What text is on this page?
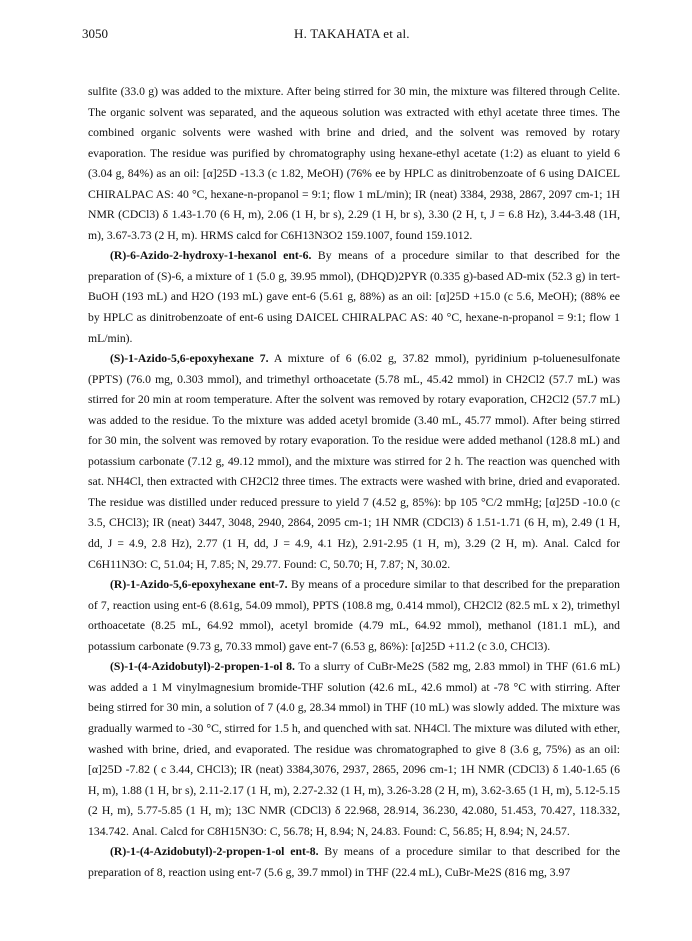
3050	H. TAKAHATA et al.

sulfite (33.0 g) was added to the mixture. After being stirred for 30 min, the mixture was filtered through Celite. The organic solvent was separated, and the aqueous solution was extracted with ethyl acetate three times. The combined organic solvents were washed with brine and dried, and the solvent was removed by rotary evaporation. The residue was purified by chromatography using hexane-ethyl acetate (1:2) as eluant to yield 6 (3.04 g, 84%) as an oil: [α]25D -13.3 (c 1.82, MeOH) (76% ee by HPLC as dinitrobenzoate of 6 using DAICEL CHIRALPAC AS: 40 °C, hexane-n-propanol = 9:1; flow 1 mL/min); IR (neat) 3384, 2938, 2867, 2097 cm-1; 1H NMR (CDCl3) δ 1.43-1.70 (6 H, m), 2.06 (1 H, br s), 2.29 (1 H, br s), 3.30 (2 H, t, J = 6.8 Hz), 3.44-3.48 (1H, m), 3.67-3.73 (2 H, m). HRMS calcd for C6H13N3O2 159.1007, found 159.1012.

(R)-6-Azido-2-hydroxy-1-hexanol ent-6. By means of a procedure similar to that described for the preparation of (S)-6, a mixture of 1 (5.0 g, 39.95 mmol), (DHQD)2PYR (0.335 g)-based AD-mix (52.3 g) in tert-BuOH (193 mL) and H2O (193 mL) gave ent-6 (5.61 g, 88%) as an oil: [α]25D +15.0 (c 5.6, MeOH); (88% ee by HPLC as dinitrobenzoate of ent-6 using DAICEL CHIRALPAC AS: 40 °C, hexane-n-propanol = 9:1; flow 1 mL/min).

(S)-1-Azido-5,6-epoxyhexane 7. A mixture of 6 (6.02 g, 37.82 mmol), pyridinium p-toluenesulfonate (PPTS) (76.0 mg, 0.303 mmol), and trimethyl orthoacetate (5.78 mL, 45.42 mmol) in CH2Cl2 (57.7 mL) was stirred for 20 min at room temperature. After the solvent was removed by rotary evaporation, CH2Cl2 (57.7 mL) was added to the residue. To the mixture was added acetyl bromide (3.40 mL, 45.77 mmol). After being stirred for 30 min, the solvent was removed by rotary evaporation. To the residue were added methanol (128.8 mL) and potassium carbonate (7.12 g, 49.12 mmol), and the mixture was stirred for 2 h. The reaction was quenched with sat. NH4Cl, then extracted with CH2Cl2 three times. The extracts were washed with brine, dried and evaporated. The residue was distilled under reduced pressure to yield 7 (4.52 g, 85%): bp 105 °C/2 mmHg; [α]25D -10.0 (c 3.5, CHCl3); IR (neat) 3447, 3048, 2940, 2864, 2095 cm-1; 1H NMR (CDCl3) δ 1.51-1.71 (6 H, m), 2.49 (1 H, dd, J = 4.9, 2.8 Hz), 2.77 (1 H, dd, J = 4.9, 4.1 Hz), 2.91-2.95 (1 H, m), 3.29 (2 H, m). Anal. Calcd for C6H11N3O: C, 51.04; H, 7.85; N, 29.77. Found: C, 50.70; H, 7.87; N, 30.02.

(R)-1-Azido-5,6-epoxyhexane ent-7. By means of a procedure similar to that described for the preparation of 7, reaction using ent-6 (8.61g, 54.09 mmol), PPTS (108.8 mg, 0.414 mmol), CH2Cl2 (82.5 mL x 2), trimethyl orthoacetate (8.25 mL, 64.92 mmol), acetyl bromide (4.79 mL, 64.92 mmol), methanol (181.1 mL), and potassium carbonate (9.73 g, 70.33 mmol) gave ent-7 (6.53 g, 86%): [α]25D +11.2 (c 3.0, CHCl3).

(S)-1-(4-Azidobutyl)-2-propen-1-ol 8. To a slurry of CuBr-Me2S (582 mg, 2.83 mmol) in THF (61.6 mL) was added a 1 M vinylmagnesium bromide-THF solution (42.6 mL, 42.6 mmol) at -78 °C with stirring. After being stirred for 30 min, a solution of 7 (4.0 g, 28.34 mmol) in THF (10 mL) was slowly added. The mixture was gradually warmed to -30 °C, stirred for 1.5 h, and quenched with sat. NH4Cl. The mixture was diluted with ether, washed with brine, dried, and evaporated. The residue was chromatographed to give 8 (3.6 g, 75%) as an oil: [α]25D -7.82 ( c 3.44, CHCl3); IR (neat) 3384,3076, 2937, 2865, 2096 cm-1; 1H NMR (CDCl3) δ 1.40-1.65 (6 H, m), 1.88 (1 H, br s), 2.11-2.17 (1 H, m), 2.27-2.32 (1 H, m), 3.26-3.28 (2 H, m), 3.62-3.65 (1 H, m), 5.12-5.15 (2 H, m), 5.77-5.85 (1 H, m); 13C NMR (CDCl3) δ 22.968, 28.914, 36.230, 42.080, 51.453, 70.427, 118.332, 134.742. Anal. Calcd for C8H15N3O: C, 56.78; H, 8.94; N, 24.83. Found: C, 56.85; H, 8.94; N, 24.57.

(R)-1-(4-Azidobutyl)-2-propen-1-ol ent-8. By means of a procedure similar to that described for the preparation of 8, reaction using ent-7 (5.6 g, 39.7 mmol) in THF (22.4 mL), CuBr-Me2S (816 mg, 3.97
